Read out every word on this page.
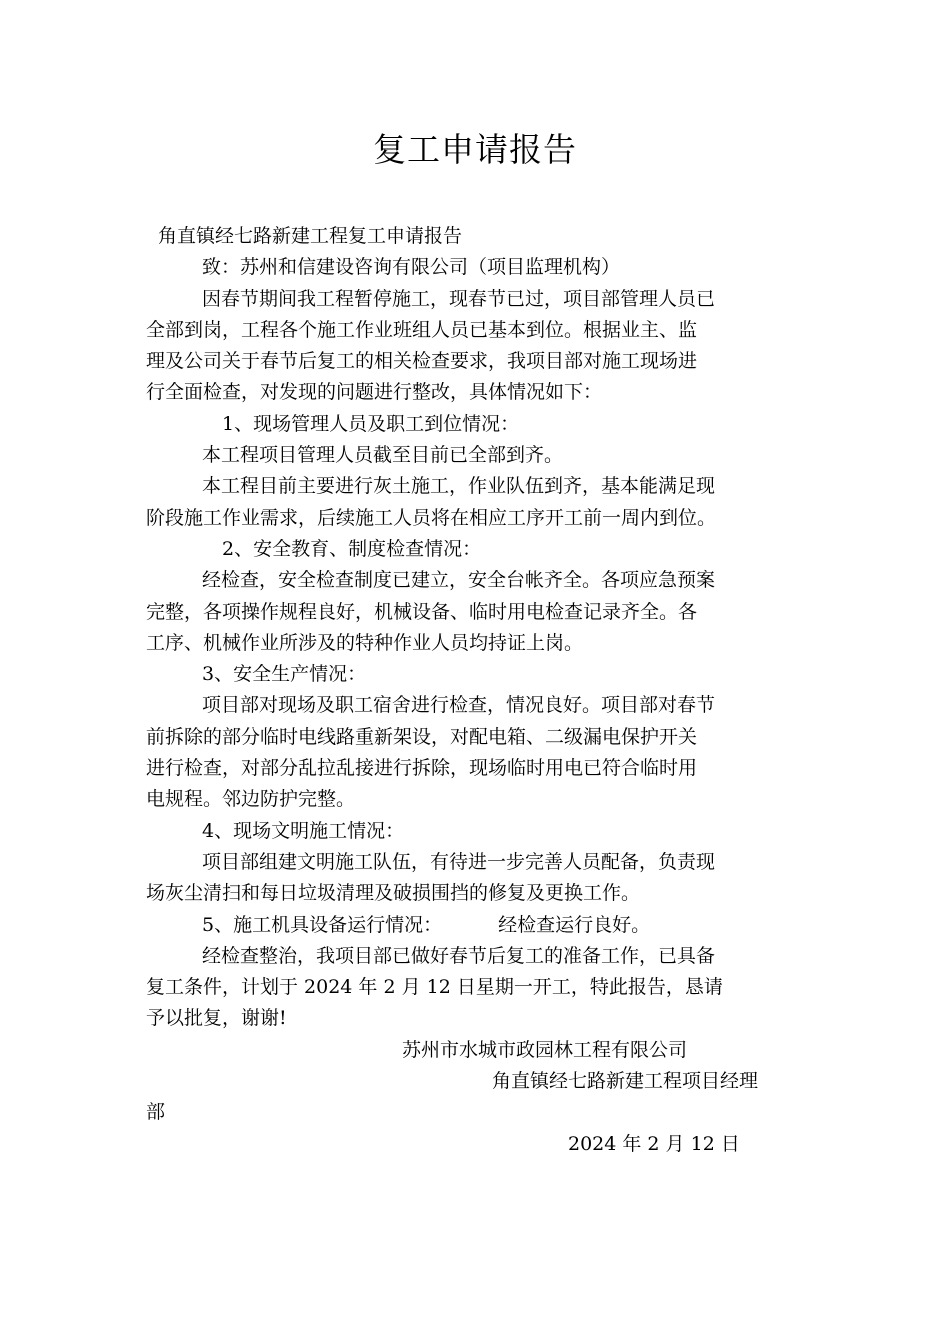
复工申请报告
角直镇经七路新建工程复工申请报告
致：苏州和信建设咨询有限公司（项目监理机构）
因春节期间我工程暂停施工，现春节已过，项目部管理人员已
全部到岗，工程各个施工作业班组人员已基本到位。根据业主、监
理及公司关于春节后复工的相关检查要求，我项目部对施工现场进
行全面检查，对发现的问题进行整改，具体情况如下：
1、现场管理人员及职工到位情况：
本工程项目管理人员截至目前已全部到齐。
本工程目前主要进行灰土施工，作业队伍到齐，基本能满足现
阶段施工作业需求，后续施工人员将在相应工序开工前一周内到位。
2、安全教育、制度检查情况：
经检查，安全检查制度已建立，安全台帐齐全。各项应急预案
完整，各项操作规程良好，机械设备、临时用电检查记录齐全。各
工序、机械作业所涉及的特种作业人员均持证上岗。
3、安全生产情况：
项目部对现场及职工宿舍进行检查，情况良好。项目部对春节
前拆除的部分临时电线路重新架设，对配电箱、二级漏电保护开关
进行检查，对部分乱拉乱接进行拆除，现场临时用电已符合临时用
电规程。邻边防护完整。
4、现场文明施工情况：
项目部组建文明施工队伍，有待进一步完善人员配备，负责现
场灰尘清扫和每日垃圾清理及破损围挡的修复及更换工作。
5、施工机具设备运行情况：	经检查运行良好。
经检查整治，我项目部已做好春节后复工的准备工作，已具备
复工条件，计划于 2024 年 2 月 12 日星期一开工，特此报告，恳请
予以批复，谢谢!
苏州市水城市政园林工程有限公司
角直镇经七路新建工程项目经理
部
2024 年 2 月 12 日
